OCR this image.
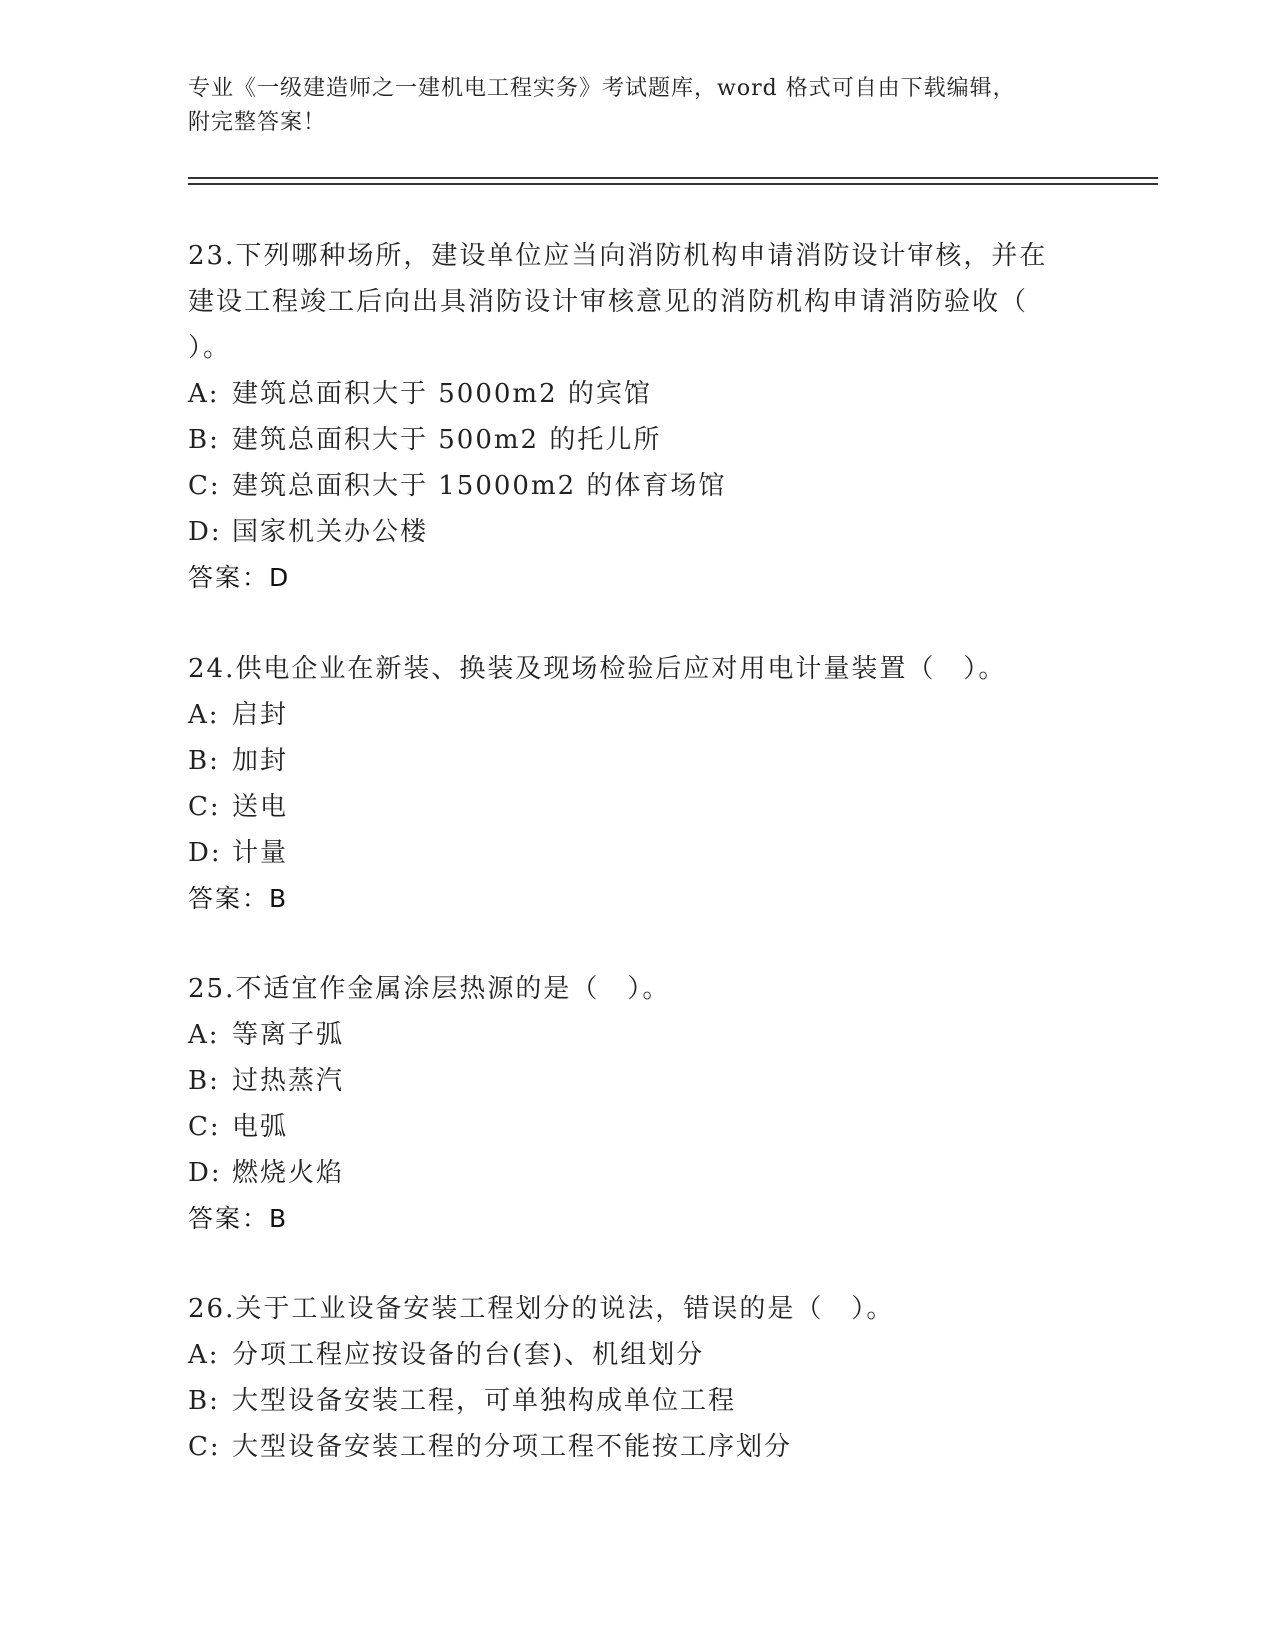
专业《一级建造师之一建机电工程实务》考试题库，word 格式可自由下载编辑，
附完整答案！
23.下列哪种场所，建设单位应当向消防机构申请消防设计审核，并在
建设工程竣工后向出具消防设计审核意见的消防机构申请消防验收（
）。
A: 建筑总面积大于 5000m2 的宾馆
B: 建筑总面积大于 500m2 的托儿所
C: 建筑总面积大于 15000m2 的体育场馆
D: 国家机关办公楼
答案：D
24.供电企业在新装、换装及现场检验后应对用电计量装置（　）。
A: 启封
B: 加封
C: 送电
D: 计量
答案：B
25.不适宜作金属涂层热源的是（　）。
A: 等离子弧
B: 过热蒸汽
C: 电弧
D: 燃烧火焰
答案：B
26.关于工业设备安装工程划分的说法，错误的是（　）。
A: 分项工程应按设备的台(套)、机组划分
B: 大型设备安装工程，可单独构成单位工程
C: 大型设备安装工程的分项工程不能按工序划分
